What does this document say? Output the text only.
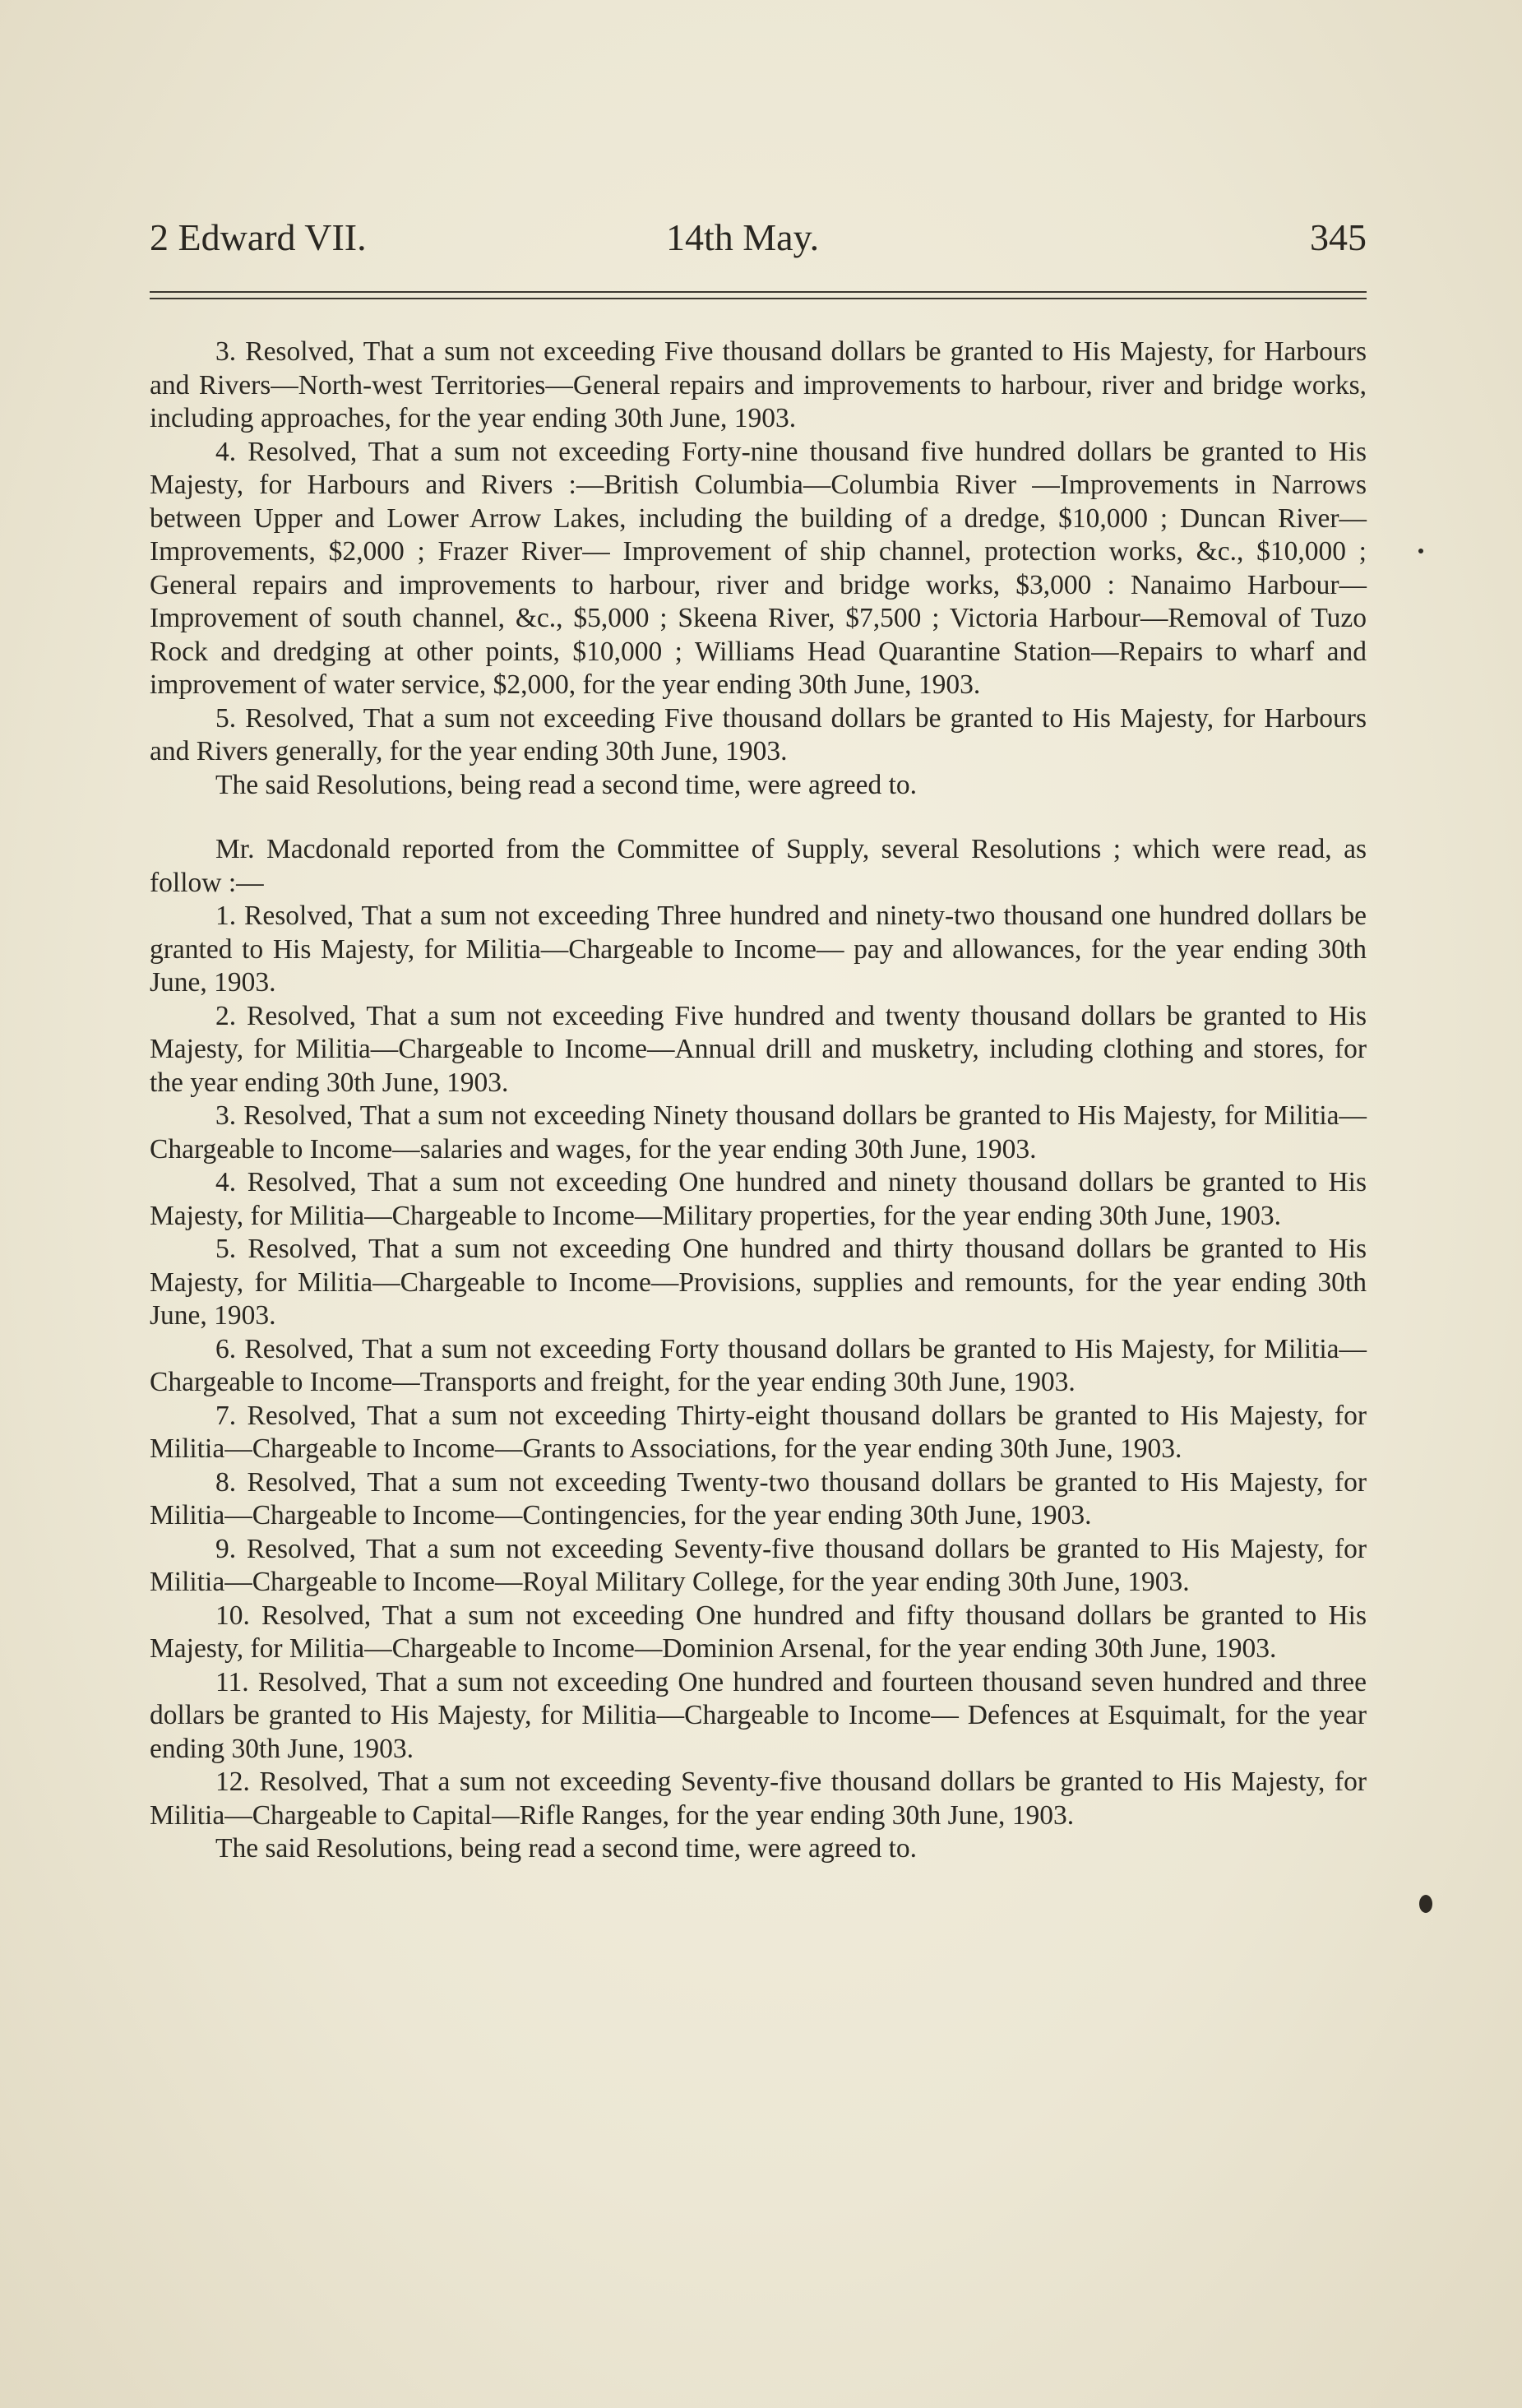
2 Edward VII.	14th May.	345

3. Resolved, That a sum not exceeding Five thousand dollars be granted to His Majesty, for Harbours and Rivers—North-west Territories—General repairs and improvements to harbour, river and bridge works, including approaches, for the year ending 30th June, 1903.

4. Resolved, That a sum not exceeding Forty-nine thousand five hundred dollars be granted to His Majesty, for Harbours and Rivers :—British Columbia—Columbia River —Improvements in Narrows between Upper and Lower Arrow Lakes, including the building of a dredge, $10,000 ; Duncan River—Improvements, $2,000 ; Frazer River— Improvement of ship channel, protection works, &c., $10,000 ; General repairs and improvements to harbour, river and bridge works, $3,000 : Nanaimo Harbour—Improvement of south channel, &c., $5,000 ; Skeena River, $7,500 ; Victoria Harbour—Removal of Tuzo Rock and dredging at other points, $10,000 ; Williams Head Quarantine Station—Repairs to wharf and improvement of water service, $2,000, for the year ending 30th June, 1903.

5. Resolved, That a sum not exceeding Five thousand dollars be granted to His Majesty, for Harbours and Rivers generally, for the year ending 30th June, 1903.

The said Resolutions, being read a second time, were agreed to.

Mr. Macdonald reported from the Committee of Supply, several Resolutions ; which were read, as follow :—

1. Resolved, That a sum not exceeding Three hundred and ninety-two thousand one hundred dollars be granted to His Majesty, for Militia—Chargeable to Income— pay and allowances, for the year ending 30th June, 1903.

2. Resolved, That a sum not exceeding Five hundred and twenty thousand dollars be granted to His Majesty, for Militia—Chargeable to Income—Annual drill and musketry, including clothing and stores, for the year ending 30th June, 1903.

3. Resolved, That a sum not exceeding Ninety thousand dollars be granted to His Majesty, for Militia—Chargeable to Income—salaries and wages, for the year ending 30th June, 1903.

4. Resolved, That a sum not exceeding One hundred and ninety thousand dollars be granted to His Majesty, for Militia—Chargeable to Income—Military properties, for the year ending 30th June, 1903.

5. Resolved, That a sum not exceeding One hundred and thirty thousand dollars be granted to His Majesty, for Militia—Chargeable to Income—Provisions, supplies and remounts, for the year ending 30th June, 1903.

6. Resolved, That a sum not exceeding Forty thousand dollars be granted to His Majesty, for Militia—Chargeable to Income—Transports and freight, for the year ending 30th June, 1903.

7. Resolved, That a sum not exceeding Thirty-eight thousand dollars be granted to His Majesty, for Militia—Chargeable to Income—Grants to Associations, for the year ending 30th June, 1903.

8. Resolved, That a sum not exceeding Twenty-two thousand dollars be granted to His Majesty, for Militia—Chargeable to Income—Contingencies, for the year ending 30th June, 1903.

9. Resolved, That a sum not exceeding Seventy-five thousand dollars be granted to His Majesty, for Militia—Chargeable to Income—Royal Military College, for the year ending 30th June, 1903.

10. Resolved, That a sum not exceeding One hundred and fifty thousand dollars be granted to His Majesty, for Militia—Chargeable to Income—Dominion Arsenal, for the year ending 30th June, 1903.

11. Resolved, That a sum not exceeding One hundred and fourteen thousand seven hundred and three dollars be granted to His Majesty, for Militia—Chargeable to Income— Defences at Esquimalt, for the year ending 30th June, 1903.

12. Resolved, That a sum not exceeding Seventy-five thousand dollars be granted to His Majesty, for Militia—Chargeable to Capital—Rifle Ranges, for the year ending 30th June, 1903.

The said Resolutions, being read a second time, were agreed to.
